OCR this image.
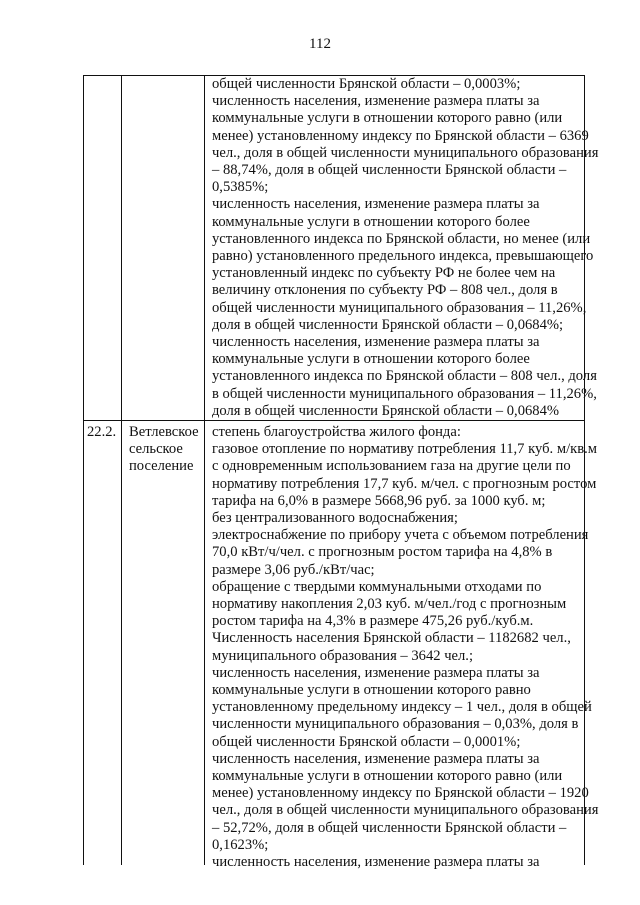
112
общей численности Брянской области – 0,0003%;
численность населения, изменение размера платы за
коммунальные услуги в отношении которого равно (или
менее) установленному индексу по Брянской области – 6369
чел., доля в общей численности муниципального образования
– 88,74%, доля в общей численности Брянской области –
0,5385%;
численность населения, изменение размера платы за
коммунальные услуги в отношении которого более
установленного индекса по Брянской области, но менее (или
равно) установленного предельного индекса, превышающего
установленный индекс по субъекту РФ не более чем на
величину отклонения по субъекту РФ – 808 чел., доля в
общей численности муниципального образования – 11,26%,
доля в общей численности Брянской области – 0,0684%;
численность населения, изменение размера платы за
коммунальные услуги в отношении которого более
установленного индекса по Брянской области – 808 чел., доля
в общей численности муниципального образования – 11,26%,
доля в общей численности Брянской области – 0,0684%
22.2. Ветлевское
сельское
поселение
степень благоустройства жилого фонда:
газовое отопление по нормативу потребления 11,7 куб. м/кв.м
с одновременным использованием газа на другие цели по
нормативу потребления 17,7 куб. м/чел. с прогнозным ростом
тарифа на 6,0% в размере 5668,96 руб. за 1000 куб. м;
без централизованного водоснабжения;
электроснабжение по прибору учета с объемом потребления
70,0 кВт/ч/чел. с прогнозным ростом тарифа на 4,8% в
размере 3,06 руб./кВт/час;
обращение с твердыми коммунальными отходами по
нормативу накопления 2,03 куб. м/чел./год с прогнозным
ростом тарифа на 4,3% в размере 475,26 руб./куб.м.
Численность населения Брянской области – 1182682 чел.,
муниципального образования – 3642 чел.;
численность населения, изменение размера платы за
коммунальные услуги в отношении которого равно
установленному предельному индексу – 1 чел., доля в общей
численности муниципального образования – 0,03%, доля в
общей численности Брянской области – 0,0001%;
численность населения, изменение размера платы за
коммунальные услуги в отношении которого равно (или
менее) установленному индексу по Брянской области – 1920
чел., доля в общей численности муниципального образования
– 52,72%, доля в общей численности Брянской области –
0,1623%;
численность населения, изменение размера платы за
